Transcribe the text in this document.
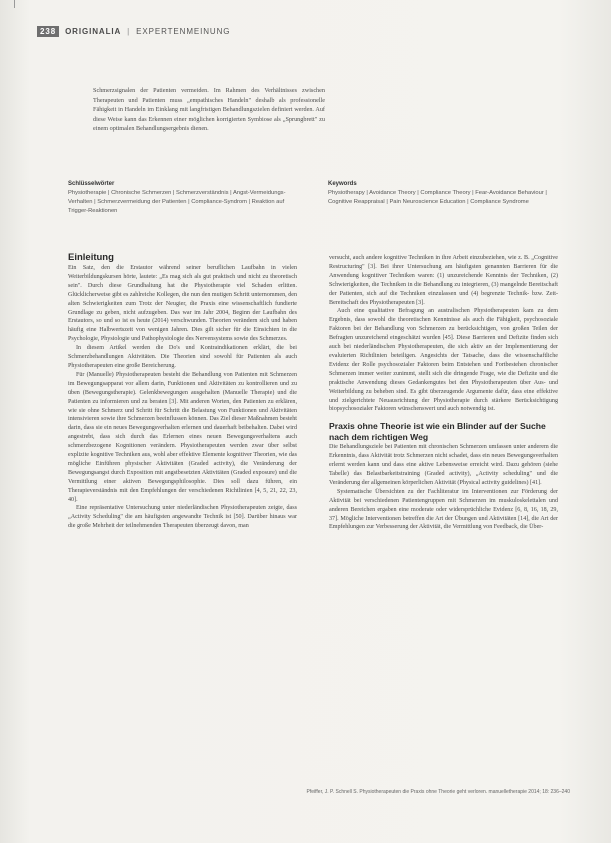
238	ORIGINALIA | EXPERTENMEINUNG
Schmerzsignalen der Patienten vermeiden. Im Rahmen des Verhältnisses zwischen Therapeuten und Patienten muss „empathisches Handeln" deshalb als professionelle Fähigkeit in Handeln im Einklang mit langfristigen Behandlungszielen definiert werden. Auf diese Weise kann das Erkennen einer möglichen korrigierten Symbiose als „Sprungbrett" zu einem optimalen Behandlungsergebnis dienen.
Schlüsselwörter
Physiotherapie | Chronische Schmerzen | Schmerzverständnis | Angst-Vermeidungs-Verhalten | Schmerzvermeidung der Patienten | Compliance-Syndrom | Reaktion auf Trigger-Reaktionen
Keywords
Physiotherapy | Avoidance Theory | Compliance Theory | Fear-Avoidance Behaviour | Cognitive Reappraisal | Pain Neuroscience Education | Compliance Syndrome
Einleitung

Ein Satz, den die Erstautor während seiner beruflichen Laufbahn in vielen Weiterbildungskursen hörte, lautete: „Es mag sich als gut praktisch und nicht zu theoretisch sein". Durch diese Grundhaltung hat die Physiotherapie viel Schaden erlitten. Glücklicherweise gibt es zahlreiche Kollegen, die nun den mutigen Schritt unternommen, den alten Schwierigkeiten zum Trotz der Neugier, die Praxis eine wissenschaftlich fundierte Grundlage zu geben, nicht aufzugeben. Das war im Jahr 2004, Beginn der Laufbahn des Erstautors, so und so ist es heute (2014) verschwunden. Theorien verändern sich und haben häufig eine Halbwertszeit von wenigen Jahren. Dies gilt sicher für die Einsichten in die Psychologie, Physiologie und Pathophysiologie des Nervensystems sowie des Schmerzes.

In diesem Artikel werden die Do's und Kontraindikationen erklärt, die bei Schmerzbehandlungen Aktivitäten. Die Theorien sind sowohl für Patienten als auch Physiotherapeuten eine große Bereicherung.

Für (Manuelle) Physiotherapeuten besteht die Behandlung von Patienten mit Schmerzen im Bewegungsapparat vor allem darin, Funktionen und Aktivitäten zu kontrollieren und zu üben (Bewegungstherapie). Gelenkbewegungen ausgehalten (Manuelle Therapie) und die Patienten zu informieren und zu beraten [3]. Mit anderen Worten, den Patienten zu erklären, wie sie ohne Schmerz und Schritt für Schritt die Belastung von Funktionen und Aktivitäten intensivieren sowie ihre Schmerzen beeinflussen können. Das Ziel dieser Maßnahmen besteht darin, dass sie ein neues Bewegungsverhalten erlernen und dauerhaft beibehalten. Dabei wird angestrebt, dass sich durch das Erlernen eines neuen Bewegungsverhaltens auch schmerzbezogene Kognitionen verändern. Physiotherapeuten werden zwar über selbst explizite kognitive Techniken aus, wohl aber effektive Elemente kognitiver Theorien, wie das mögliche Einführen physischer Aktivitäten (Graded activity), die Veränderung der Bewegungsangst durch Exposition mit angstbesetzten Aktivitäten (Graded exposure) und die Vermittlung einer aktiven Bewegungsphilosophie. Dies soll dazu führen, ein Therapieverständnis mit den Empfehlungen der verschiedenen Richtlinien [4, 5, 21, 22, 23, 40].

Eine repräsentative Untersuchung unter niederländischen Physiotherapeuten zeigte, dass „Activity Scheduling" die am häufigsten angewandte Technik ist [50]. Darüber hinaus war die große Mehrheit der teilnehmenden Therapeuten überzeugt davon, man

versucht, auch andere kognitive Techniken in ihre Arbeit einzubeziehen, wie z. B. „Cognitive Restructuring" [3]. Bei ihrer Untersuchung am häufigsten genannten Barrieren für die Anwendung kognitiver Techniken waren: (1) unzureichende Kenntnis der Techniken, (2) Schwierigkeiten, die Techniken in die Behandlung zu integrieren, (3) mangelnde Bereitschaft der Patienten, sich auf die Techniken einzulassen und (4) begrenzte Technik- bzw. Zeit-Bereitschaft des Physiotherapeuten [3].

Auch eine qualitative Befragung an australischen Physiotherapeuten kam zu dem Ergebnis, dass sowohl die theoretischen Kenntnisse als auch die Fähigkeit, psychosoziale Faktoren bei der Behandlung von Schmerzen zu berücksichtigen, von großen Teilen der Befragten unzureichend eingeschätzt wurden [45]. Diese Barrieren und Defizite finden sich auch bei niederländischen Physiotherapeuten, die sich aktiv an der Implementierung der evaluierten Richtlinien beteiligen. Angesichts der Tatsache, dass die wissenschaftliche Evidenz der Rolle psychosozialer Faktoren beim Entstehen und Fortbestehen chronischer Schmerzen immer weiter zunimmt, stellt sich die dringende Frage, wie die Defizite und die praktische Anwendung dieses Gedankengutes bei den Physiotherapeuten über Aus- und Weiterbildung zu beheben sind. Es gibt überzeugende Argumente dafür, dass eine effektive und zielgerichtete Neuausrichtung der Physiotherapie durch stärkere Berücksichtigung biopsychosozialer Faktoren wünschenswert und auch notwendig ist.

Praxis ohne Theorie ist wie ein Blinder auf der Suche nach dem richtigen Weg

Die Behandlungsziele bei Patienten mit chronischen Schmerzen umfassen unter anderem die Erkenntnis, dass Aktivität trotz Schmerzen nicht schadet, dass ein neues Bewegungsverhalten erlernt werden kann und dass eine aktive Lebensweise erreicht wird. Dazu gehören (siehe Tabelle) das Belastbarkeitstraining (Graded activity), „Activity scheduling" und die Veränderung der allgemeinen körperlichen Aktivität (Physical activity guidelines) [41].

Systematische Übersichten zu der Fachliteratur im Interventionen zur Förderung der Aktivität bei verschiedenen Patientengruppen mit Schmerzen im muskuloskelettalen und anderen Bereichen ergaben eine moderate oder widersprüchliche Evidenz [6, 8, 16, 18, 29, 37]. Mögliche Interventionen betreffen die Art der Übungen und Aktivitäten [14], die Art der Empfehlungen zur Verbesserung der Aktivität, die Vermittlung von Feedback, die Über-

Pfeiffer, J. P. Schnell S. Physiotherapeuten die Praxis ohne Theorie geht verloren. manuelletherapie 2014; 18: 236–240
